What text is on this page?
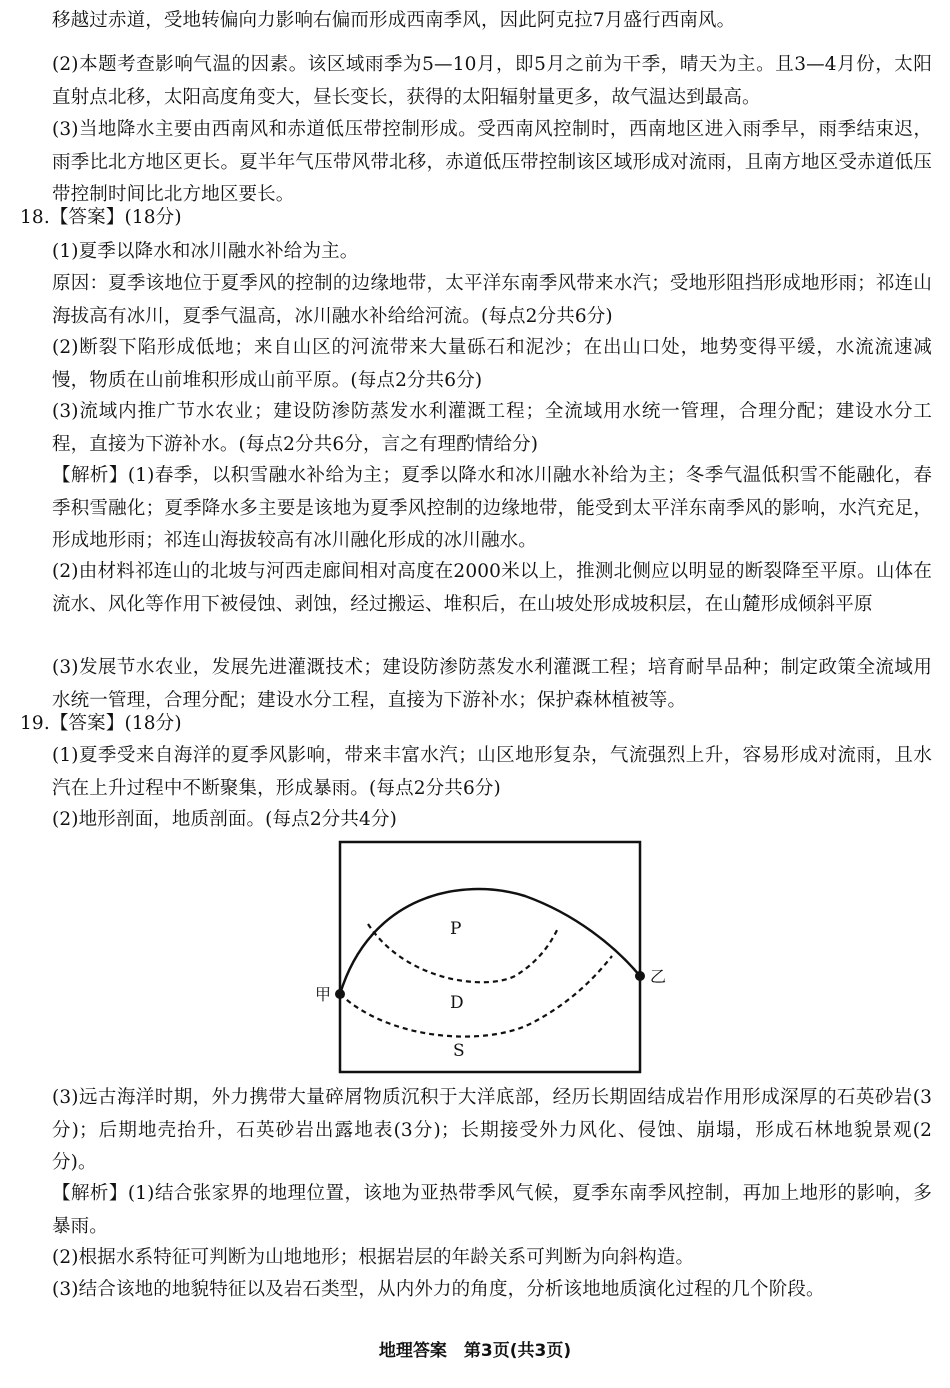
移越过赤道，受地转偏向力影响右偏而形成西南季风，因此阿克拉7月盛行西南风。

(2)本题考查影响气温的因素。该区域雨季为5—10月，即5月之前为干季，晴天为主。且3—4月份，太阳直射点北移，太阳高度角变大，昼长变长，获得的太阳辐射量更多，故气温达到最高。

(3)当地降水主要由西南风和赤道低压带控制形成。受西南风控制时，西南地区进入雨季早，雨季结束迟，雨季比北方地区更长。夏半年气压带风带北移，赤道低压带控制该区域形成对流雨，且南方地区受赤道低压带控制时间比北方地区要长。

18.【答案】(18分)

(1)夏季以降水和冰川融水补给为主。

原因：夏季该地位于夏季风的控制的边缘地带，太平洋东南季风带来水汽；受地形阻挡形成地形雨；祁连山海拔高有冰川，夏季气温高，冰川融水补给给河流。(每点2分共6分)

(2)断裂下陷形成低地；来自山区的河流带来大量砾石和泥沙；在出山口处，地势变得平缓，水流流速减慢，物质在山前堆积形成山前平原。(每点2分共6分)

(3)流域内推广节水农业；建设防渗防蒸发水利灌溉工程；全流域用水统一管理，合理分配；建设水分工程，直接为下游补水。(每点2分共6分，言之有理酌情给分)

【解析】(1)春季，以积雪融水补给为主；夏季以降水和冰川融水补给为主；冬季气温低积雪不能融化，春季积雪融化；夏季降水多主要是该地为夏季风控制的边缘地带，能受到太平洋东南季风的影响，水汽充足，形成地形雨；祁连山海拔较高有冰川融化形成的冰川融水。

(2)由材料祁连山的北坡与河西走廊间相对高度在2000米以上，推测北侧应以明显的断裂降至平原。山体在流水、风化等作用下被侵蚀、剥蚀，经过搬运、堆积后，在山坡处形成坡积层，在山麓形成倾斜平原

(3)发展节水农业，发展先进灌溉技术；建设防渗防蒸发水利灌溉工程；培育耐旱品种；制定政策全流域用水统一管理，合理分配；建设水分工程，直接为下游补水；保护森林植被等。

19.【答案】(18分)

(1)夏季受来自海洋的夏季风影响，带来丰富水汽；山区地形复杂，气流强烈上升，容易形成对流雨，且水汽在上升过程中不断聚集，形成暴雨。(每点2分共6分)

(2)地形剖面，地质剖面。(每点2分共4分)

甲
乙
P
D
S

(3)远古海洋时期，外力携带大量碎屑物质沉积于大洋底部，经历长期固结成岩作用形成深厚的石英砂岩(3分)；后期地壳抬升，石英砂岩出露地表(3分)；长期接受外力风化、侵蚀、崩塌，形成石林地貌景观(2分)。

【解析】(1)结合张家界的地理位置，该地为亚热带季风气候，夏季东南季风控制，再加上地形的影响，多暴雨。

(2)根据水系特征可判断为山地地形；根据岩层的年龄关系可判断为向斜构造。

(3)结合该地的地貌特征以及岩石类型，从内外力的角度，分析该地地质演化过程的几个阶段。

地理答案　第3页(共3页)
